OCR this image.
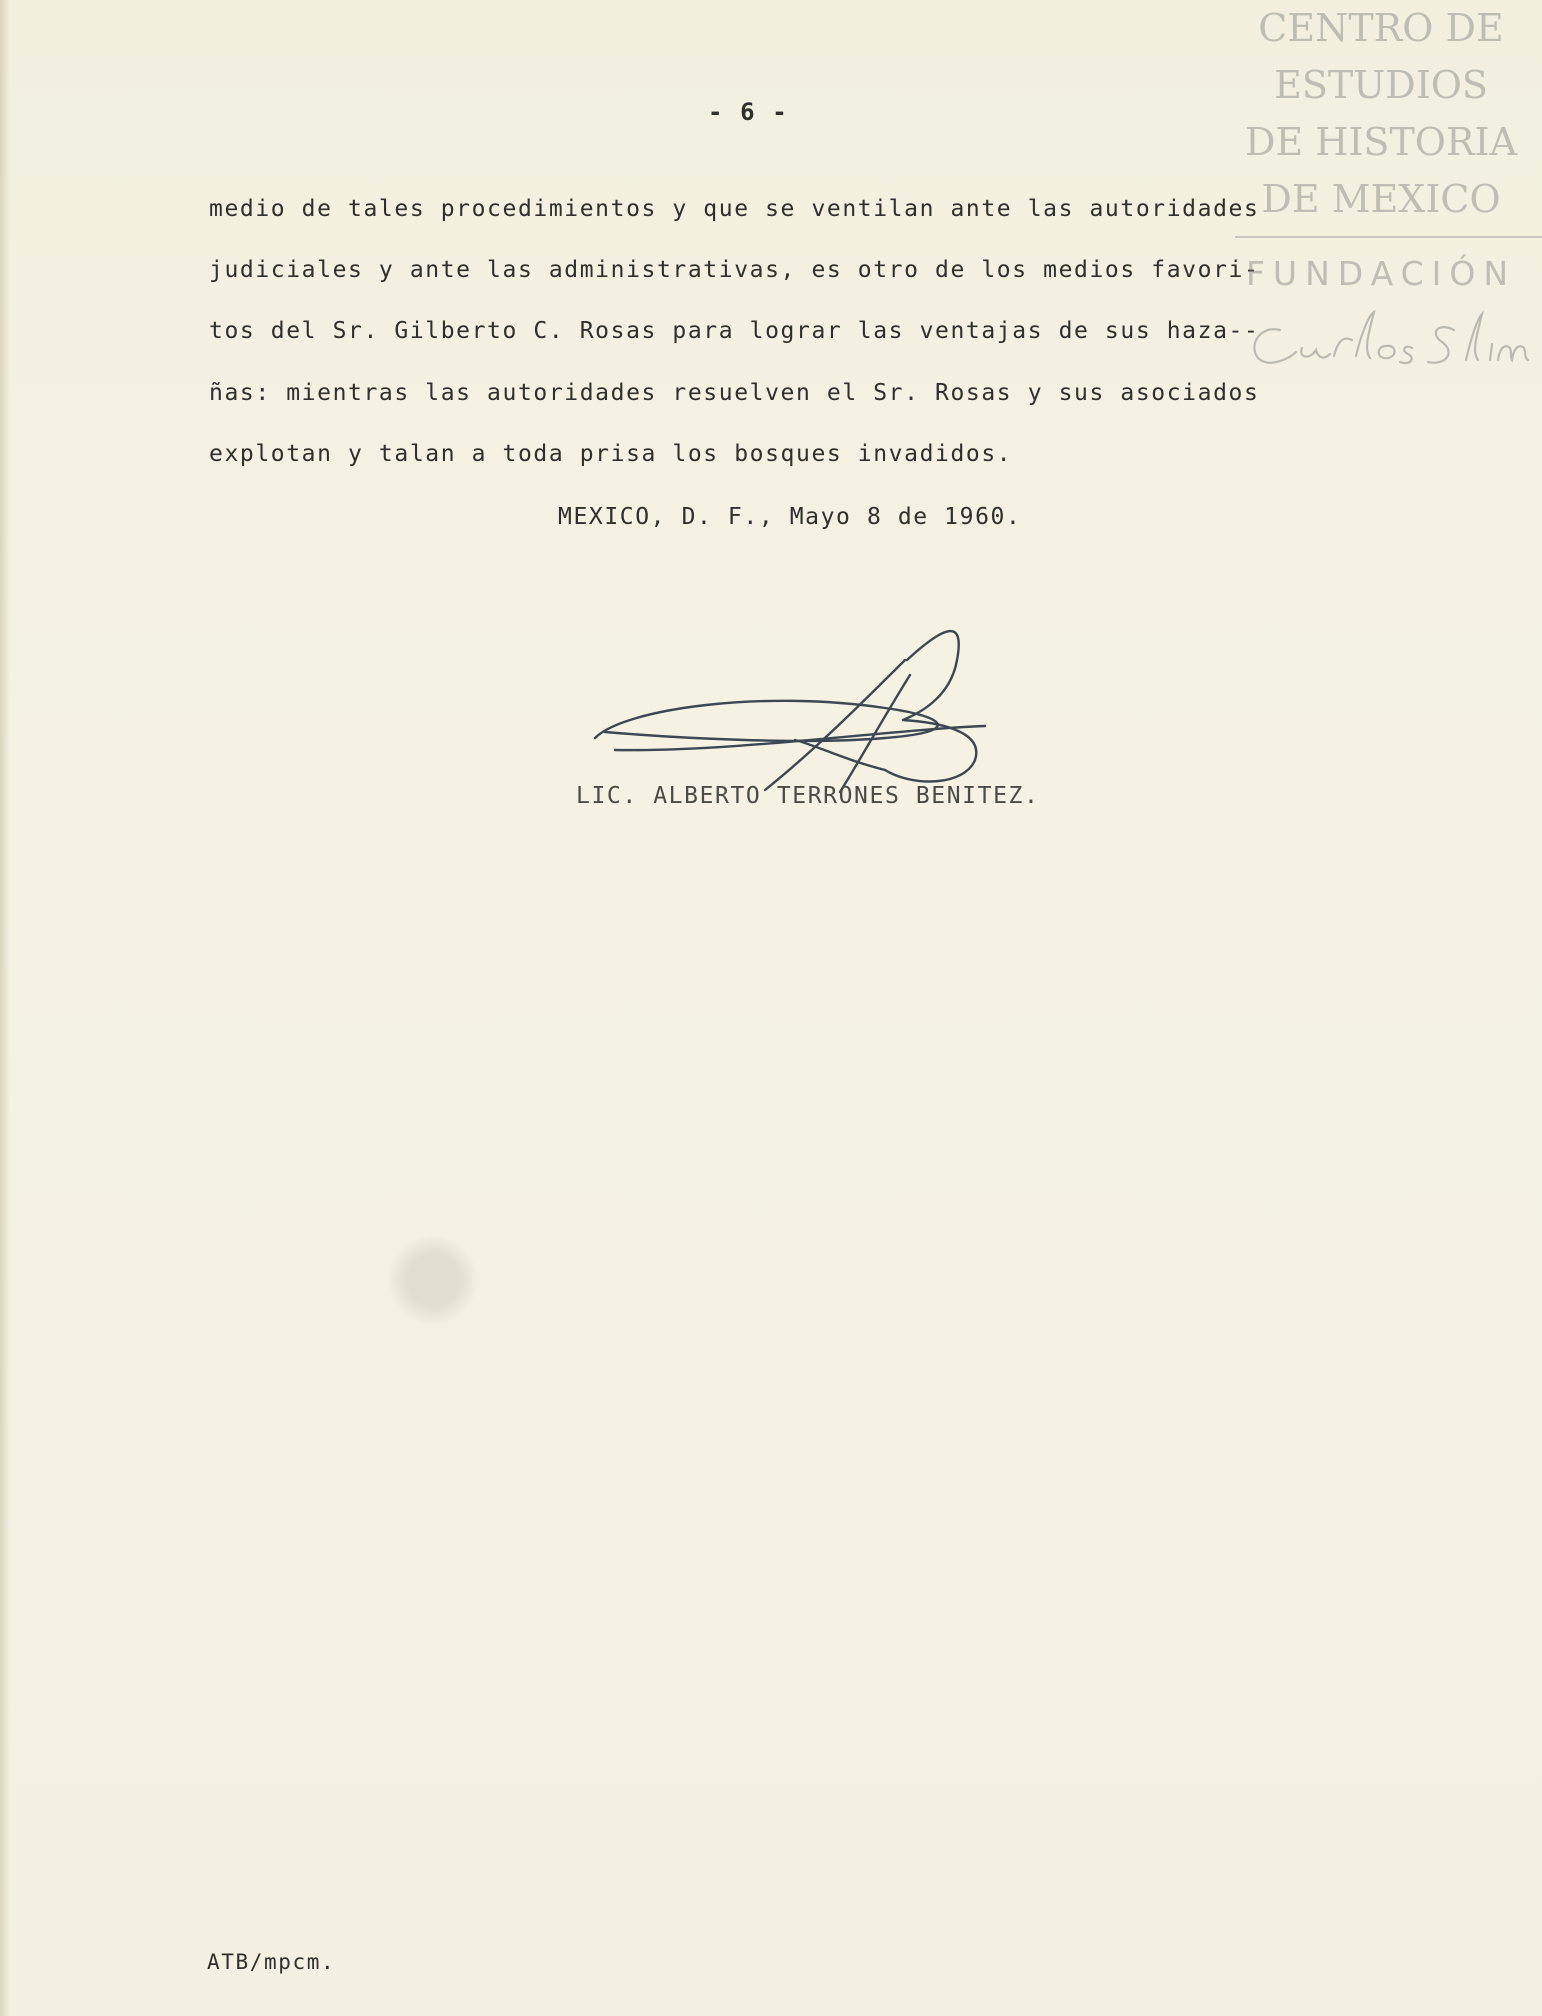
- 6 -
medio de tales procedimientos y que se ventilan ante las autoridades
judiciales y ante las administrativas, es otro de los medios favori-
tos del Sr. Gilberto C. Rosas para lograr las ventajas de sus haza--
ñas: mientras las autoridades resuelven el Sr. Rosas y sus asociados
explotan y talan a toda prisa los bosques invadidos.
MEXICO, D. F., Mayo 8 de 1960.
LIC. ALBERTO TERRONES BENITEZ.
ATB/mpcm.
CENTRO DE
ESTUDIOS
DE HISTORIA
DE MEXICO
FUNDACIÓN
